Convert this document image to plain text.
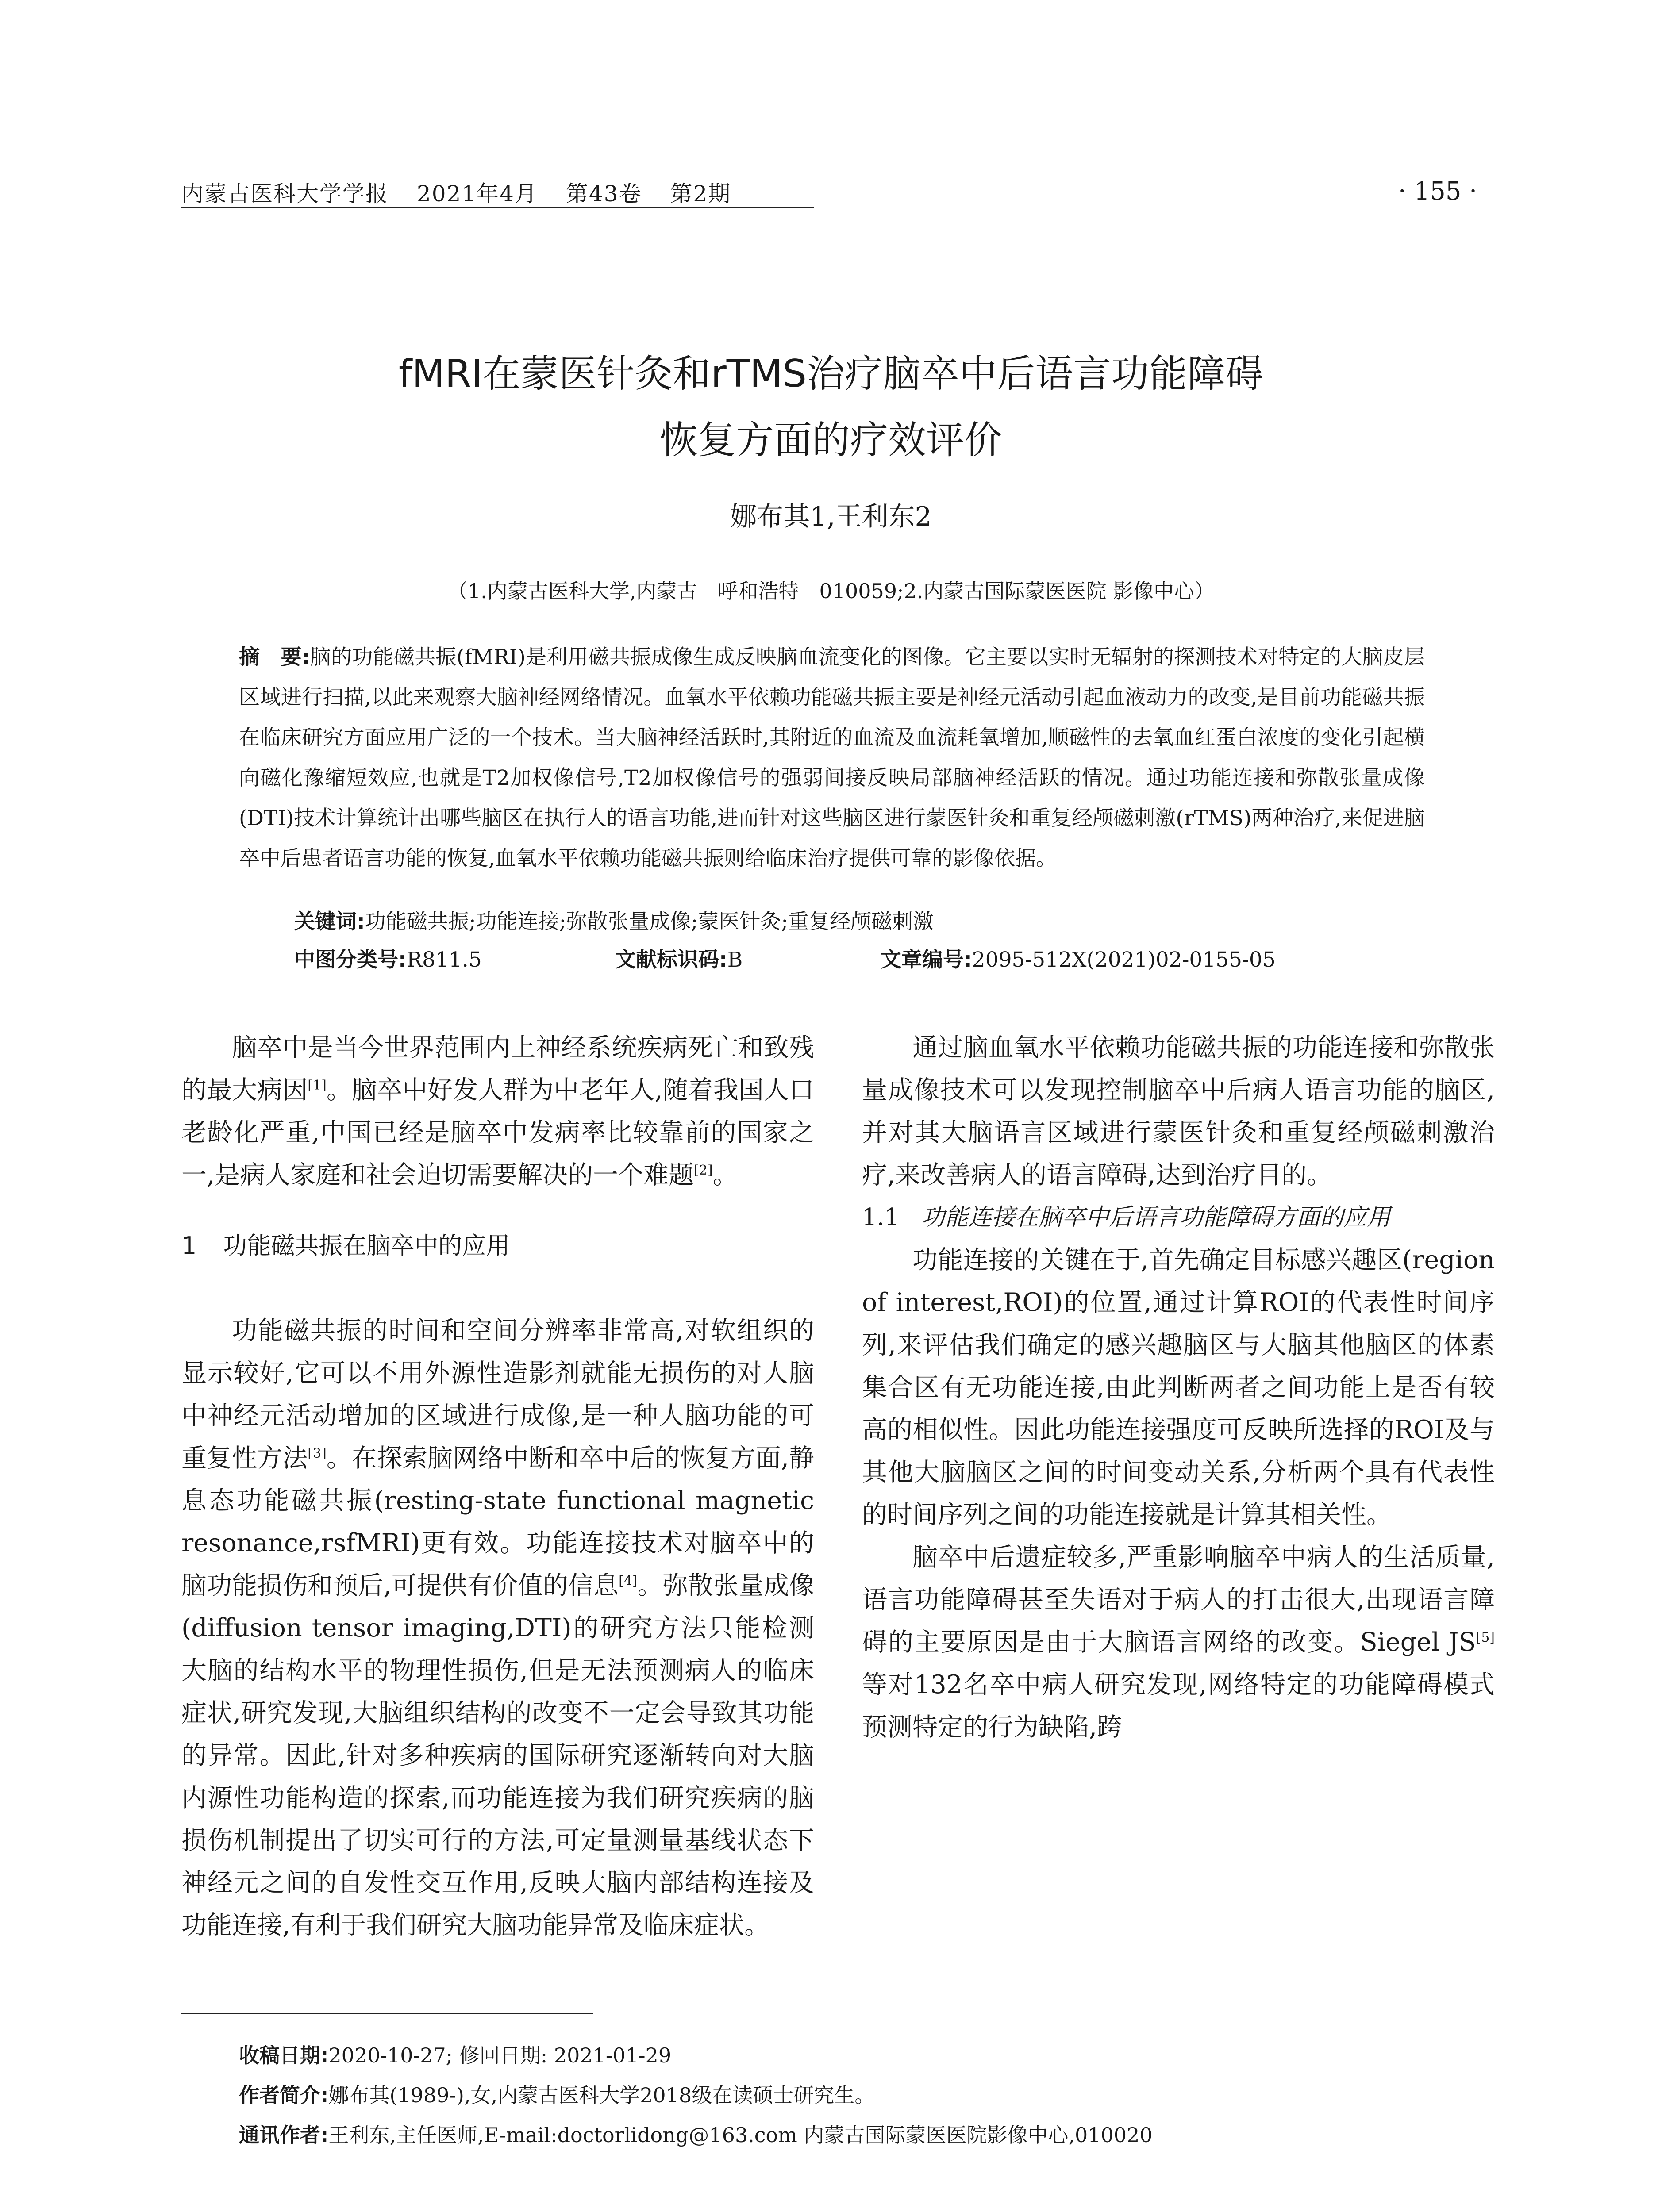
内蒙古医科大学学报 2021年4月 第43卷 第2期	· 155 ·
fMRI在蒙医针灸和rTMS治疗脑卒中后语言功能障碍
恢复方面的疗效评价
娜布其1,王利东2
（1.内蒙古医科大学,内蒙古　呼和浩特　010059;2.内蒙古国际蒙医医院 影像中心）
摘　要:脑的功能磁共振(fMRI)是利用磁共振成像生成反映脑血流变化的图像。它主要以实时无辐射的探测技术对特定的大脑皮层区域进行扫描,以此来观察大脑神经网络情况。血氧水平依赖功能磁共振主要是神经元活动引起血液动力的改变,是目前功能磁共振在临床研究方面应用广泛的一个技术。当大脑神经活跃时,其附近的血流及血流耗氧增加,顺磁性的去氧血红蛋白浓度的变化引起横向磁化豫缩短效应,也就是T2加权像信号,T2加权像信号的强弱间接反映局部脑神经活跃的情况。通过功能连接和弥散张量成像(DTI)技术计算统计出哪些脑区在执行人的语言功能,进而针对这些脑区进行蒙医针灸和重复经颅磁刺激(rTMS)两种治疗,来促进脑卒中后患者语言功能的恢复,血氧水平依赖功能磁共振则给临床治疗提供可靠的影像依据。
关键词:功能磁共振;功能连接;弥散张量成像;蒙医针灸;重复经颅磁刺激
中图分类号:R811.5	文献标识码:B	文章编号:2095-512X(2021)02-0155-05

脑卒中是当今世界范围内上神经系统疾病死亡和致残的最大病因[1]。脑卒中好发人群为中老年人,随着我国人口老龄化严重,中国已经是脑卒中发病率比较靠前的国家之一,是病人家庭和社会迫切需要解决的一个难题[2]。

1 功能磁共振在脑卒中的应用

功能磁共振的时间和空间分辨率非常高,对软组织的显示较好,它可以不用外源性造影剂就能无损伤的对人脑中神经元活动增加的区域进行成像,是一种人脑功能的可重复性方法[3]。在探索脑网络中断和卒中后的恢复方面,静息态功能磁共振(resting-state functional magnetic resonance,rsfMRI)更有效。功能连接技术对脑卒中的脑功能损伤和预后,可提供有价值的信息[4]。弥散张量成像(diffusion tensor imaging,DTI)的研究方法只能检测大脑的结构水平的物理性损伤,但是无法预测病人的临床症状,研究发现,大脑组织结构的改变不一定会导致其功能的异常。因此,针对多种疾病的国际研究逐渐转向对大脑内源性功能构造的探索,而功能连接为我们研究疾病的脑损伤机制提出了切实可行的方法,可定量测量基线状态下神经元之间的自发性交互作用,反映大脑内部结构连接及功能连接,有利于我们研究大脑功能异常及临床症状。

通过脑血氧水平依赖功能磁共振的功能连接和弥散张量成像技术可以发现控制脑卒中后病人语言功能的脑区,并对其大脑语言区域进行蒙医针灸和重复经颅磁刺激治疗,来改善病人的语言障碍,达到治疗目的。

1.1 功能连接在脑卒中后语言功能障碍方面的应用

功能连接的关键在于,首先确定目标感兴趣区(region of interest,ROI)的位置,通过计算ROI的代表性时间序列,来评估我们确定的感兴趣脑区与大脑其他脑区的体素集合区有无功能连接,由此判断两者之间功能上是否有较高的相似性。因此功能连接强度可反映所选择的ROI及与其他大脑脑区之间的时间变动关系,分析两个具有代表性的时间序列之间的功能连接就是计算其相关性。

脑卒中后遗症较多,严重影响脑卒中病人的生活质量,语言功能障碍甚至失语对于病人的打击很大,出现语言障碍的主要原因是由于大脑语言网络的改变。Siegel JS[5]等对132名卒中病人研究发现,网络特定的功能障碍模式预测特定的行为缺陷,跨

收稿日期:2020-10-27; 修回日期: 2021-01-29
作者简介:娜布其(1989-),女,内蒙古医科大学2018级在读硕士研究生。
通讯作者:王利东,主任医师,E-mail:doctorlidong@163.com 内蒙古国际蒙医医院影像中心,010020
